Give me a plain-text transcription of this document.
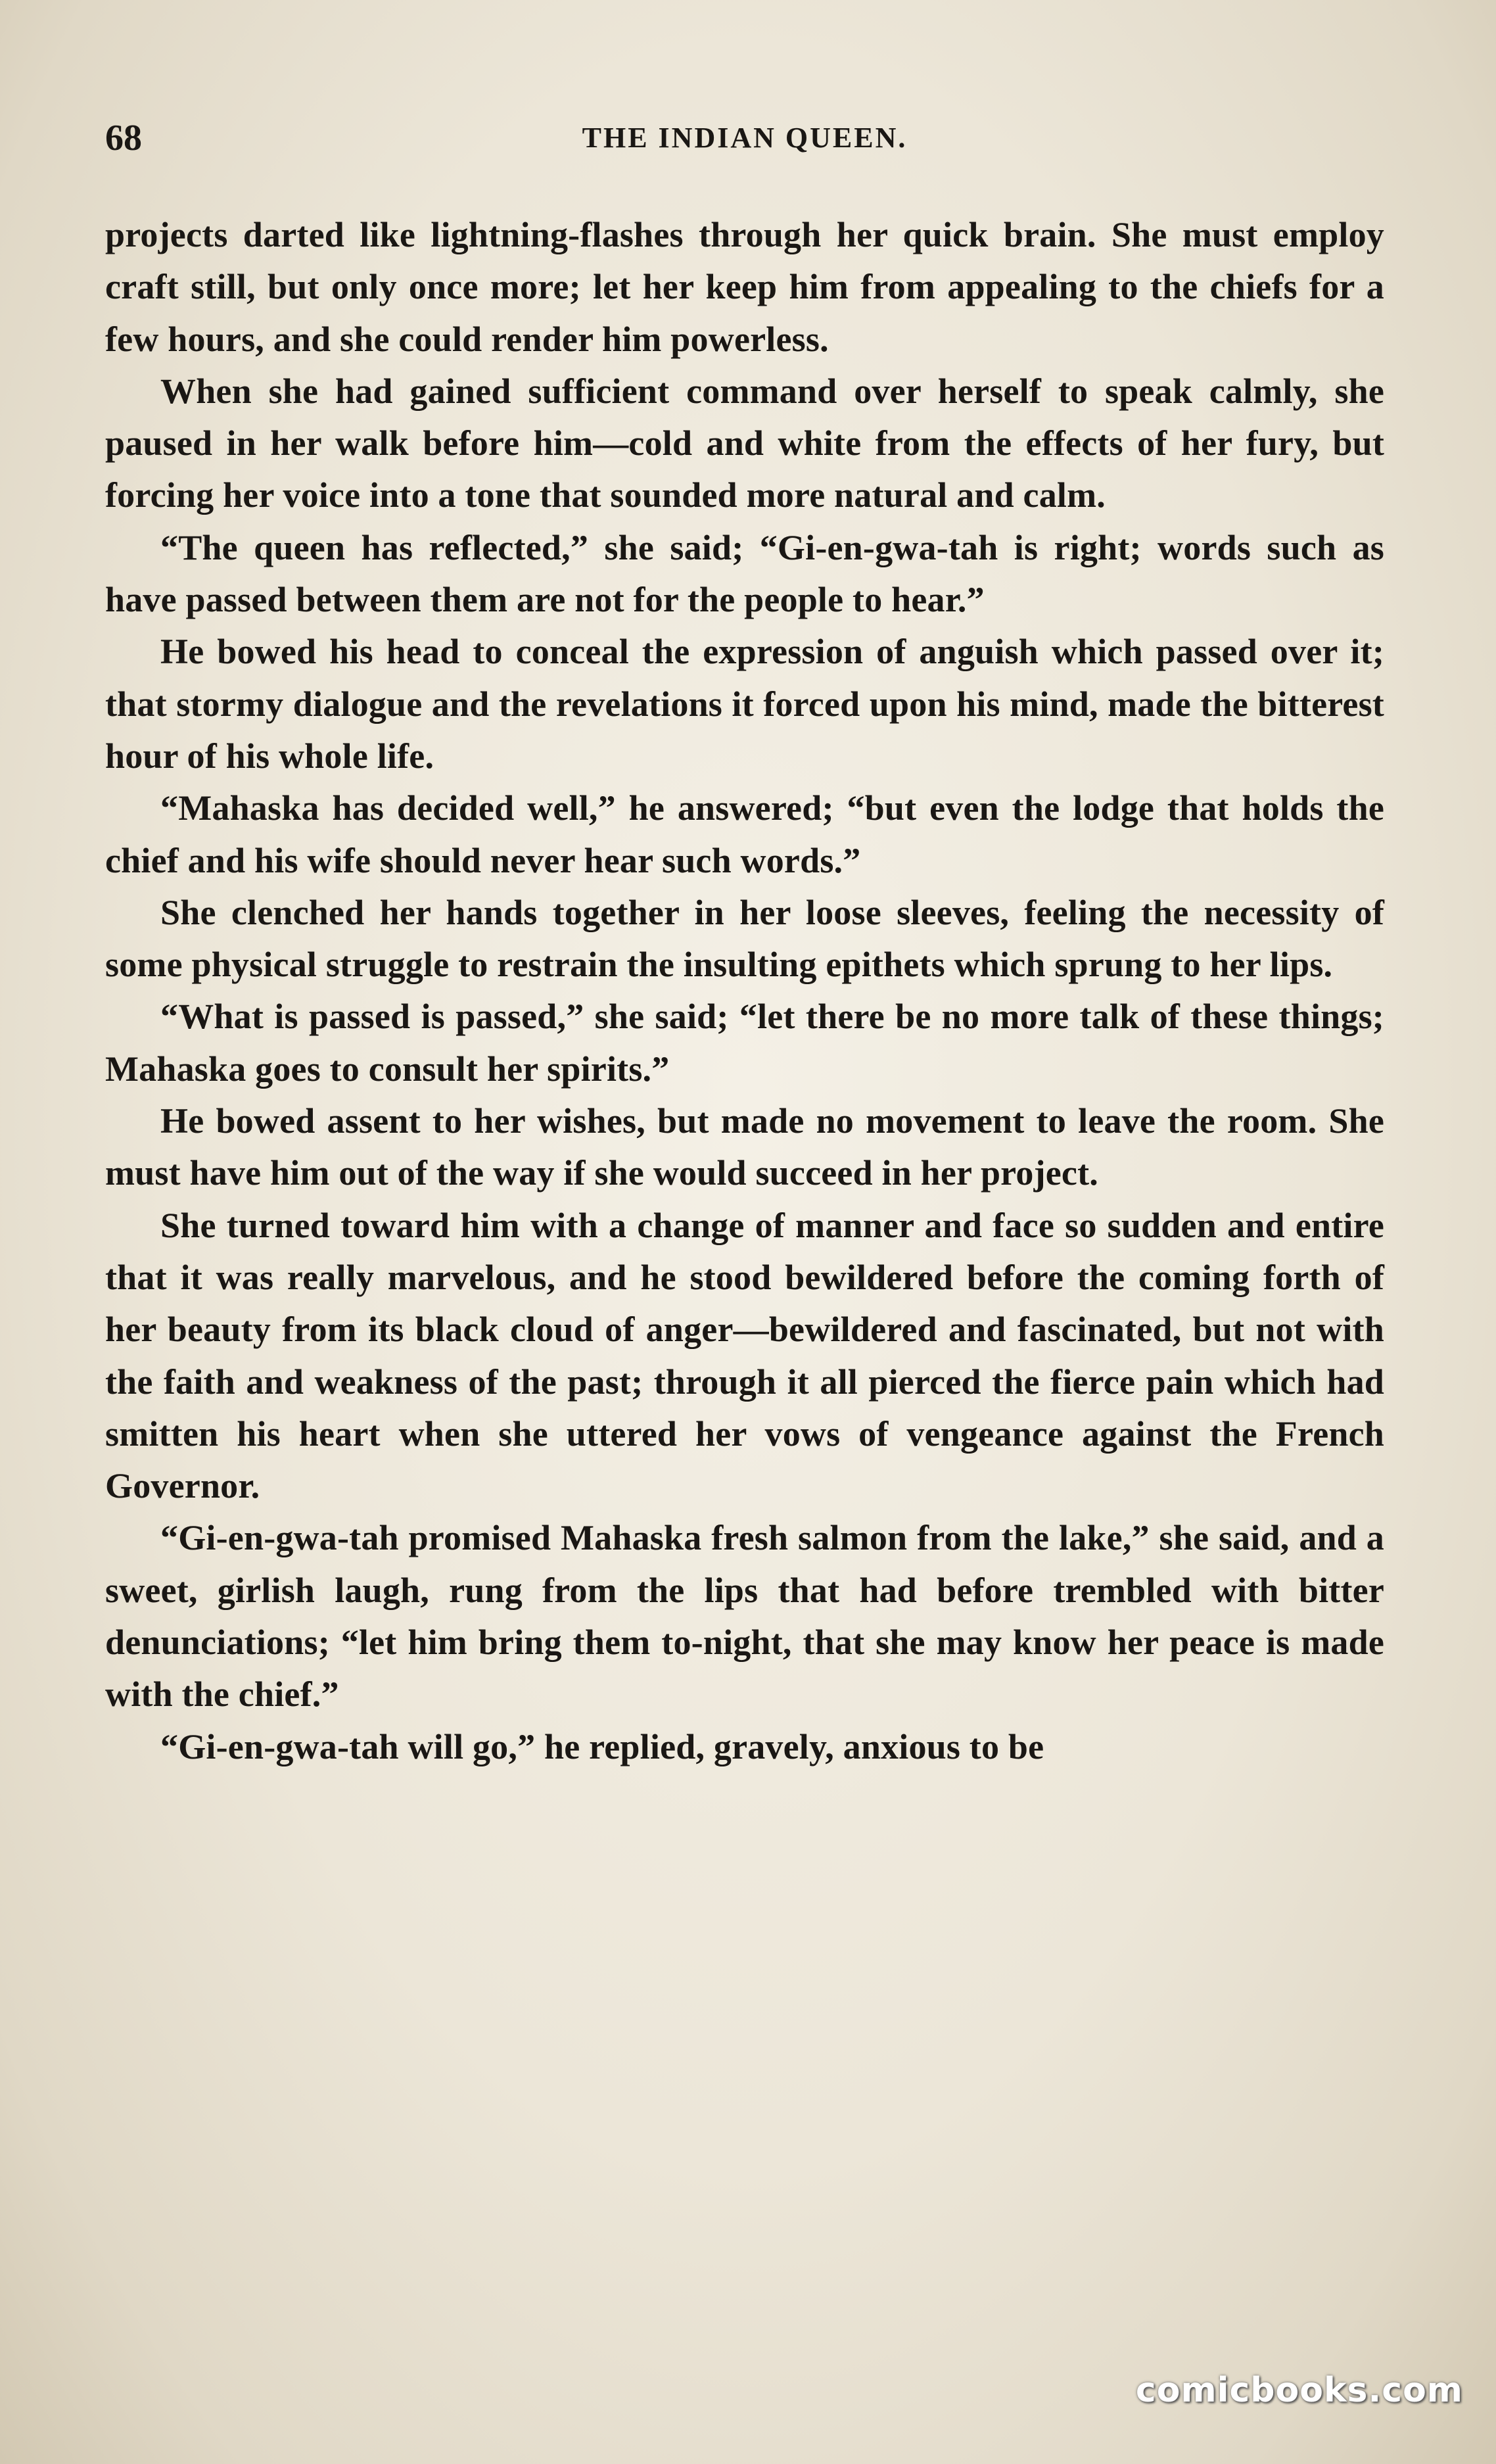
68	THE INDIAN QUEEN.

projects darted like lightning-flashes through her quick brain. She must employ craft still, but only once more; let her keep him from appealing to the chiefs for a few hours, and she could render him powerless.

When she had gained sufficient command over herself to speak calmly, she paused in her walk before him—cold and white from the effects of her fury, but forcing her voice into a tone that sounded more natural and calm.

“The queen has reflected,” she said; “Gi-en-gwa-tah is right; words such as have passed between them are not for the people to hear.”

He bowed his head to conceal the expression of anguish which passed over it; that stormy dialogue and the revelations it forced upon his mind, made the bitterest hour of his whole life.

“Mahaska has decided well,” he answered; “but even the lodge that holds the chief and his wife should never hear such words.”

She clenched her hands together in her loose sleeves, feeling the necessity of some physical struggle to restrain the insulting epithets which sprung to her lips.

“What is passed is passed,” she said; “let there be no more talk of these things; Mahaska goes to consult her spirits.”

He bowed assent to her wishes, but made no movement to leave the room. She must have him out of the way if she would succeed in her project.

She turned toward him with a change of manner and face so sudden and entire that it was really marvelous, and he stood bewildered before the coming forth of her beauty from its black cloud of anger—bewildered and fascinated, but not with the faith and weakness of the past; through it all pierced the fierce pain which had smitten his heart when she uttered her vows of vengeance against the French Governor.

“Gi-en-gwa-tah promised Mahaska fresh salmon from the lake,” she said, and a sweet, girlish laugh, rung from the lips that had before trembled with bitter denunciations; “let him bring them to-night, that she may know her peace is made with the chief.”

“Gi-en-gwa-tah will go,” he replied, gravely, anxious to be

comicbooks.com
